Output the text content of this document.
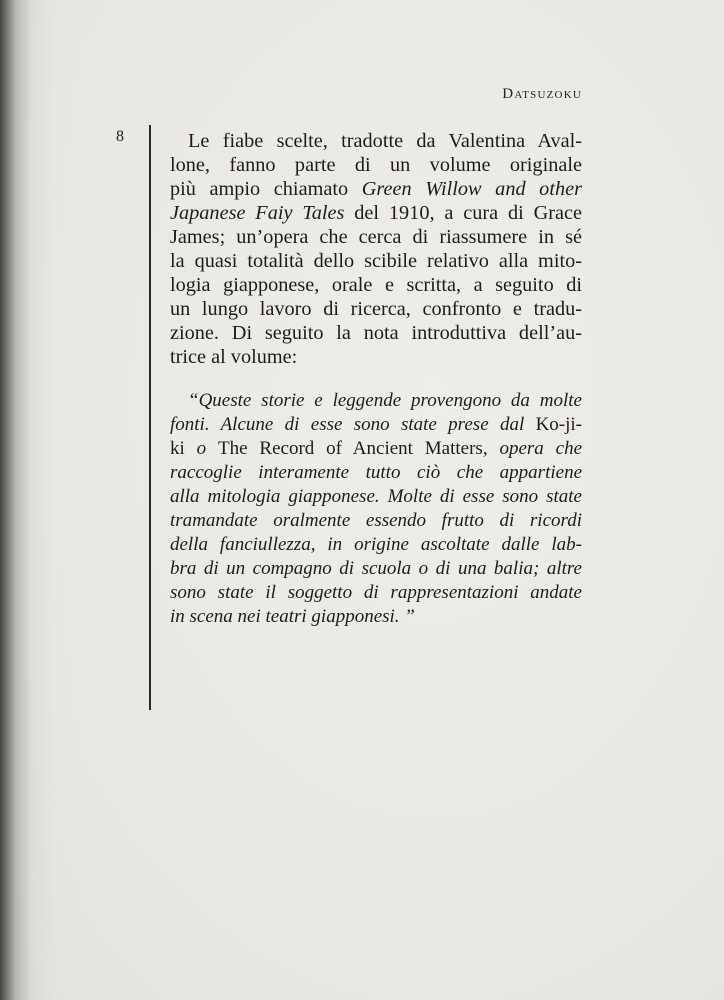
Datsuzoku
8	Le fiabe scelte, tradotte da Valentina Aval-
lone, fanno parte di un volume originale
più ampio chiamato Green Willow and other
Japanese Faiy Tales del 1910, a cura di Grace
James; un’opera che cerca di riassumere in sé
la quasi totalità dello scibile relativo alla mito-
logia giapponese, orale e scritta, a seguito di
un lungo lavoro di ricerca, confronto e tradu-
zione. Di seguito la nota introduttiva dell’au-
trice al volume:
“Queste storie e leggende provengono da molte
fonti. Alcune di esse sono state prese dal Ko-ji-
ki o The Record of Ancient Matters, opera che
raccoglie interamente tutto ciò che appartiene
alla mitologia giapponese. Molte di esse sono state
tramandate oralmente essendo frutto di ricordi
della fanciullezza, in origine ascoltate dalle lab-
bra di un compagno di scuola o di una balia; altre
sono state il soggetto di rappresentazioni andate
in scena nei teatri giapponesi. ”
